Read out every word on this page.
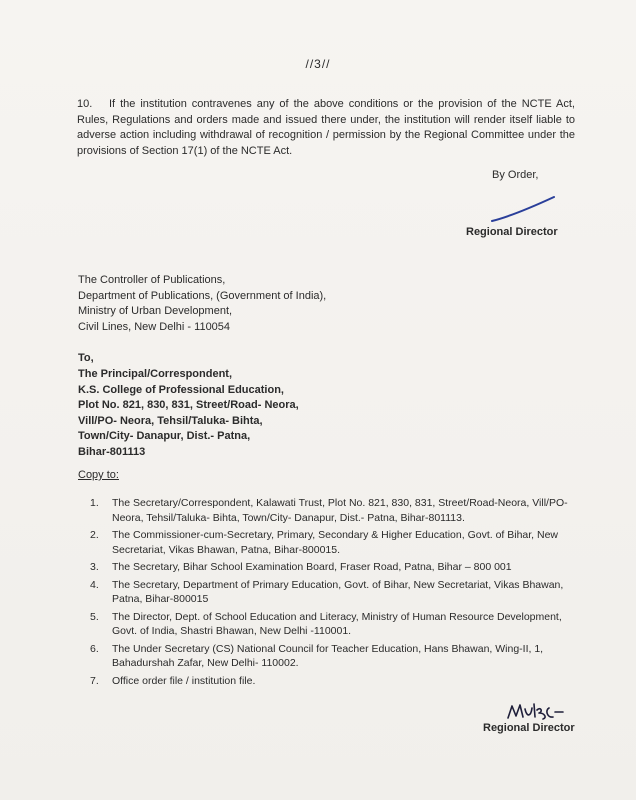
//3//
10. If the institution contravenes any of the above conditions or the provision of the NCTE Act, Rules, Regulations and orders made and issued there under, the institution will render itself liable to adverse action including withdrawal of recognition / permission by the Regional Committee under the provisions of Section 17(1) of the NCTE Act.
By Order,
Regional Director
The Controller of Publications,
Department of Publications, (Government of India),
Ministry of Urban Development,
Civil Lines, New Delhi - 110054
To,
The Principal/Correspondent,
K.S. College of Professional Education,
Plot No. 821, 830, 831, Street/Road- Neora,
Vill/PO- Neora, Tehsil/Taluka- Bihta,
Town/City- Danapur, Dist.- Patna,
Bihar-801113
Copy to:
1. The Secretary/Correspondent, Kalawati Trust, Plot No. 821, 830, 831, Street/Road-Neora, Vill/PO- Neora, Tehsil/Taluka- Bihta, Town/City- Danapur, Dist.- Patna, Bihar-801113.
2. The Commissioner-cum-Secretary, Primary, Secondary & Higher Education, Govt. of Bihar, New Secretariat, Vikas Bhawan, Patna, Bihar-800015.
3. The Secretary, Bihar School Examination Board, Fraser Road, Patna, Bihar – 800 001
4. The Secretary, Department of Primary Education, Govt. of Bihar, New Secretariat, Vikas Bhawan, Patna, Bihar-800015
5. The Director, Dept. of School Education and Literacy, Ministry of Human Resource Development, Govt. of India, Shastri Bhawan, New Delhi -110001.
6. The Under Secretary (CS) National Council for Teacher Education, Hans Bhawan, Wing-II, 1, Bahadurshah Zafar, New Delhi- 110002.
7. Office order file / institution file.
Regional Director
